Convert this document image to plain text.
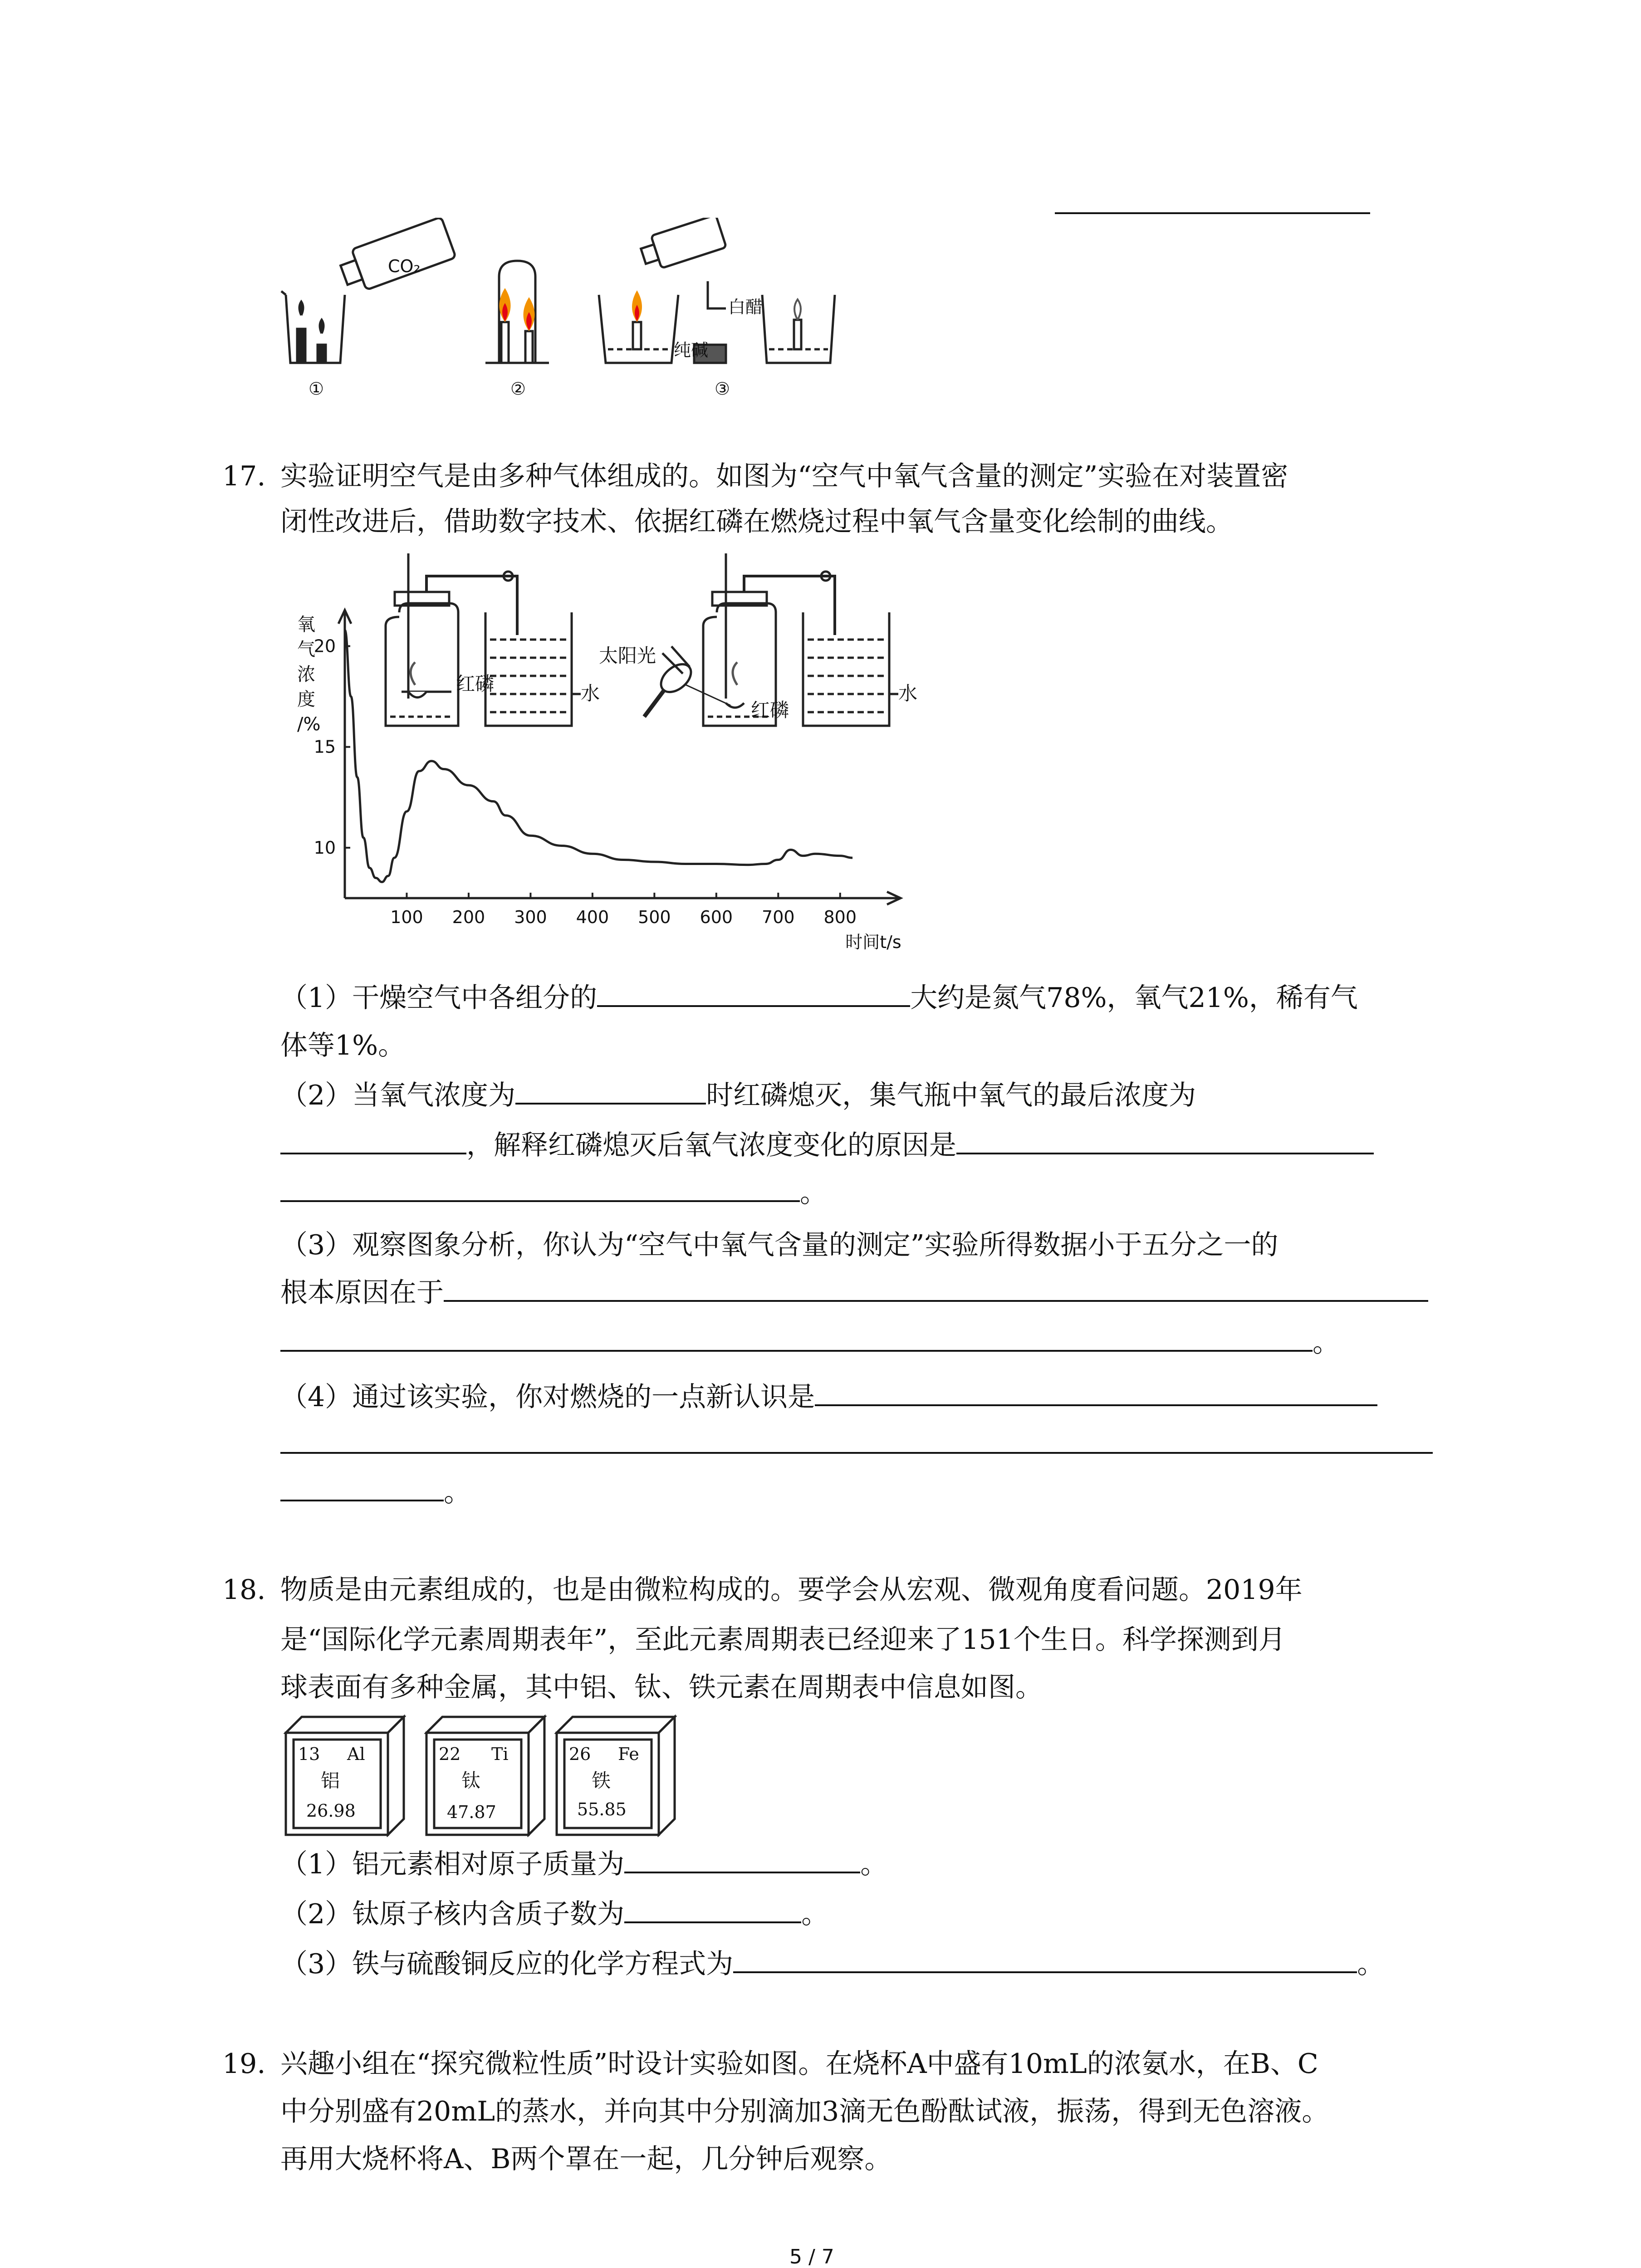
CO₂
白醋
纯碱
①	②	③
17. 实验证明空气是由多种气体组成的。如图为“空气中氧气含量的测定”实验在对装置密
闭性改进后，借助数字技术、依据红磷在燃烧过程中氧气含量变化绘制的曲线。
红磷	水
太阳光
红磷
水
氧气浓度/%
100 200 300 400 500 600 700 800
20
15
10
时间t/s
（1）干燥空气中各组分的	大约是氮气78%，氧气21%，稀有气
体等1%。
（2）当氧气浓度为	时红磷熄灭，集气瓶中氧气的最后浓度为
，解释红磷熄灭后氧气浓度变化的原因是
。
（3）观察图象分析，你认为“空气中氧气含量的测定”实验所得数据小于五分之一的
根本原因在于
。
（4）通过该实验，你对燃烧的一点新认识是
。
18. 物质是由元素组成的，也是由微粒构成的。要学会从宏观、微观角度看问题。2019年
是“国际化学元素周期表年”，至此元素周期表已经迎来了151个生日。科学探测到月
球表面有多种金属，其中铝、钛、铁元素在周期表中信息如图。
13 Al
铝
26.98
22 Ti
钛
47.87
26 Fe
铁
55.85
（1）铝元素相对原子质量为	。
（2）钛原子核内含质子数为	。
（3）铁与硫酸铜反应的化学方程式为	。
19. 兴趣小组在“探究微粒性质”时设计实验如图。在烧杯A中盛有10mL的浓氨水，在B、C
中分别盛有20mL的蒸水，并向其中分别滴加3滴无色酚酞试液，振荡，得到无色溶液。
再用大烧杯将A、B两个罩在一起，几分钟后观察。
5 / 7
